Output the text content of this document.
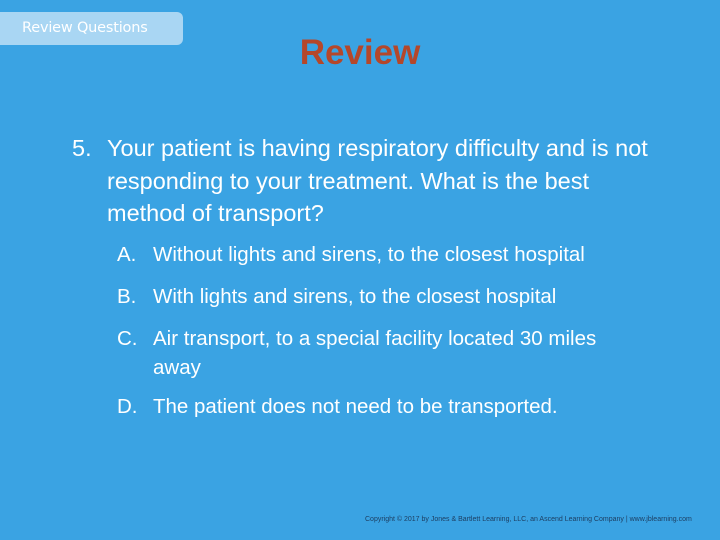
Review Questions
Review
5. Your patient is having respiratory difficulty and is not responding to your treatment. What is the best method of transport?
A. Without lights and sirens, to the closest hospital
B. With lights and sirens, to the closest hospital
C. Air transport, to a special facility located 30 miles away
D. The patient does not need to be transported.
Copyright © 2017 by Jones & Bartlett Learning, LLC, an Ascend Learning Company | www.jblearning.com
